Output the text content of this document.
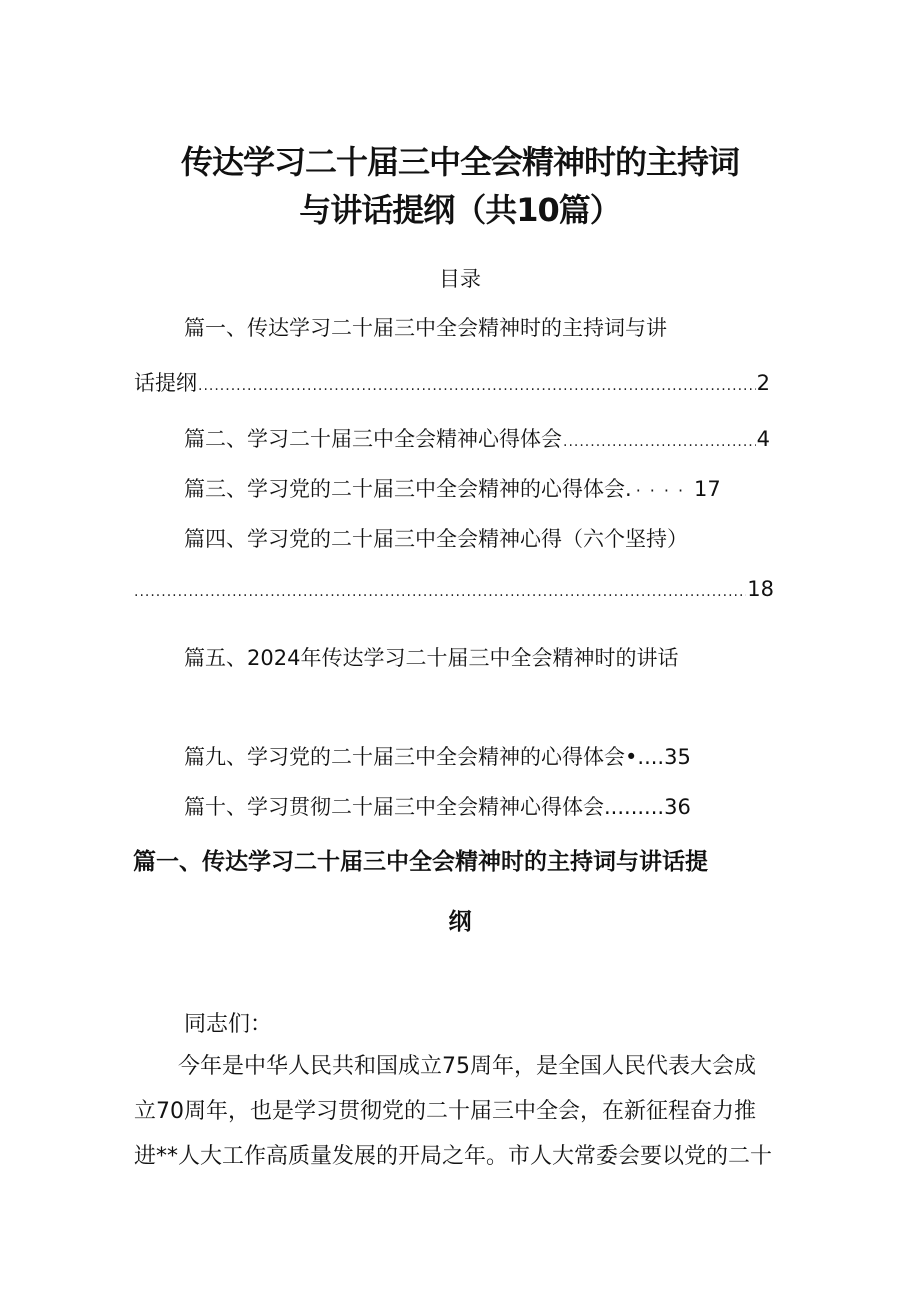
传达学习二十届三中全会精神时的主持词
与讲话提纲（共10篇）
目录
篇一、传达学习二十届三中全会精神时的主持词与讲
话提纲 .....	2
篇二、学习二十届三中全会精神心得体会 .....	4
篇三、学习党的二十届三中全会精神的心得体会. ···· 17
篇四、学习党的二十届三中全会精神心得（六个坚持）
.....
18
篇五、2024年传达学习二十届三中全会精神时的讲话
篇九、学习党的二十届三中全会精神的心得体会• .... 35
篇十、学习贯彻二十届三中全会精神心得体会 ......... 36
篇一、传达学习二十届三中全会精神时的主持词与讲话提
纲
同志们：
今年是中华人民共和国成立75周年，是全国人民代表大会成
立70周年，也是学习贯彻党的二十届三中全会，在新征程奋力推
进**人大工作高质量发展的开局之年。市人大常委会要以党的二十
